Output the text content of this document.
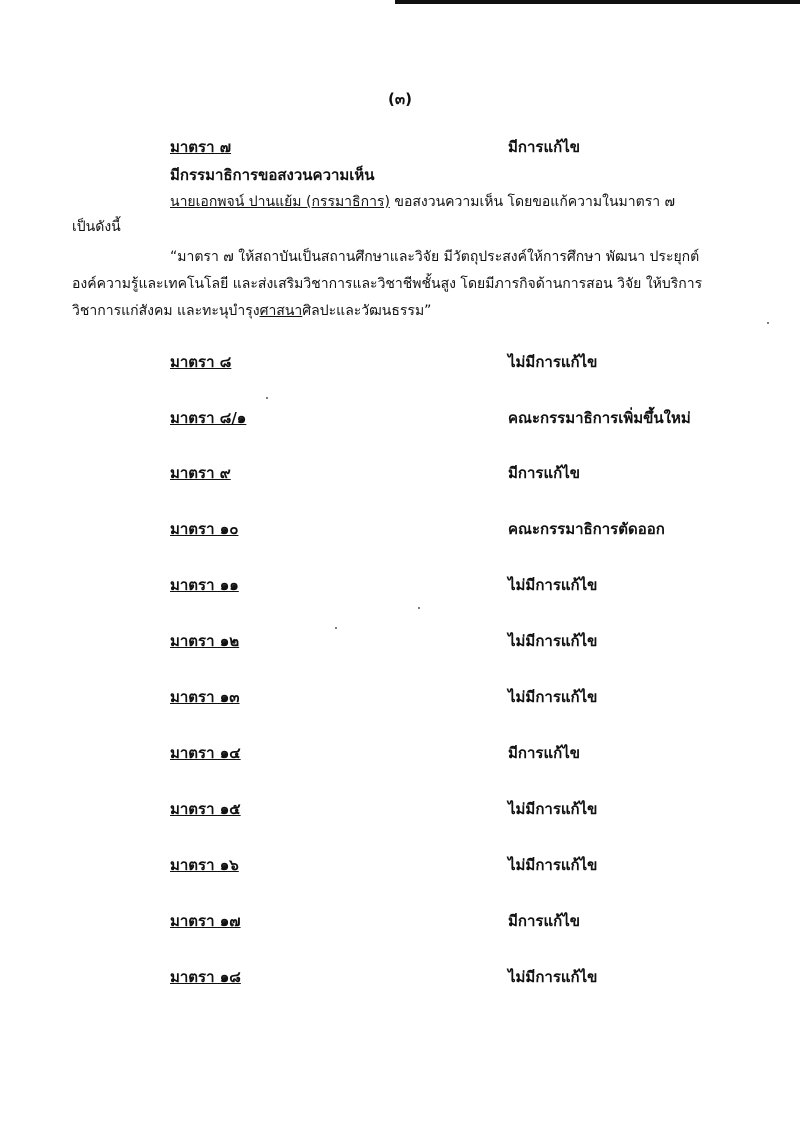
(๓)
มาตรา ๗	มีการแก้ไข
มีกรรมาธิการขอสงวนความเห็น
นายเอกพจน์ ปานแย้ม (กรรมาธิการ) ขอสงวนความเห็น โดยขอแก้ความในมาตรา ๗
เป็นดังนี้
“มาตรา ๗ ให้สถาบันเป็นสถานศึกษาและวิจัย มีวัตถุประสงค์ให้การศึกษา พัฒนา ประยุกต์
องค์ความรู้และเทคโนโลยี และส่งเสริมวิชาการและวิชาชีพชั้นสูง โดยมีภารกิจด้านการสอน วิจัย ให้บริการ
วิชาการแก่สังคม และทะนุบำรุงศาสนาศิลปะและวัฒนธรรม”
มาตรา ๘	ไม่มีการแก้ไข
มาตรา ๘/๑	คณะกรรมาธิการเพิ่มขึ้นใหม่
มาตรา ๙	มีการแก้ไข
มาตรา ๑๐	คณะกรรมาธิการตัดออก
มาตรา ๑๑	ไม่มีการแก้ไข
มาตรา ๑๒	ไม่มีการแก้ไข
มาตรา ๑๓	ไม่มีการแก้ไข
มาตรา ๑๔	มีการแก้ไข
มาตรา ๑๕	ไม่มีการแก้ไข
มาตรา ๑๖	ไม่มีการแก้ไข
มาตรา ๑๗	มีการแก้ไข
มาตรา ๑๘	ไม่มีการแก้ไข
